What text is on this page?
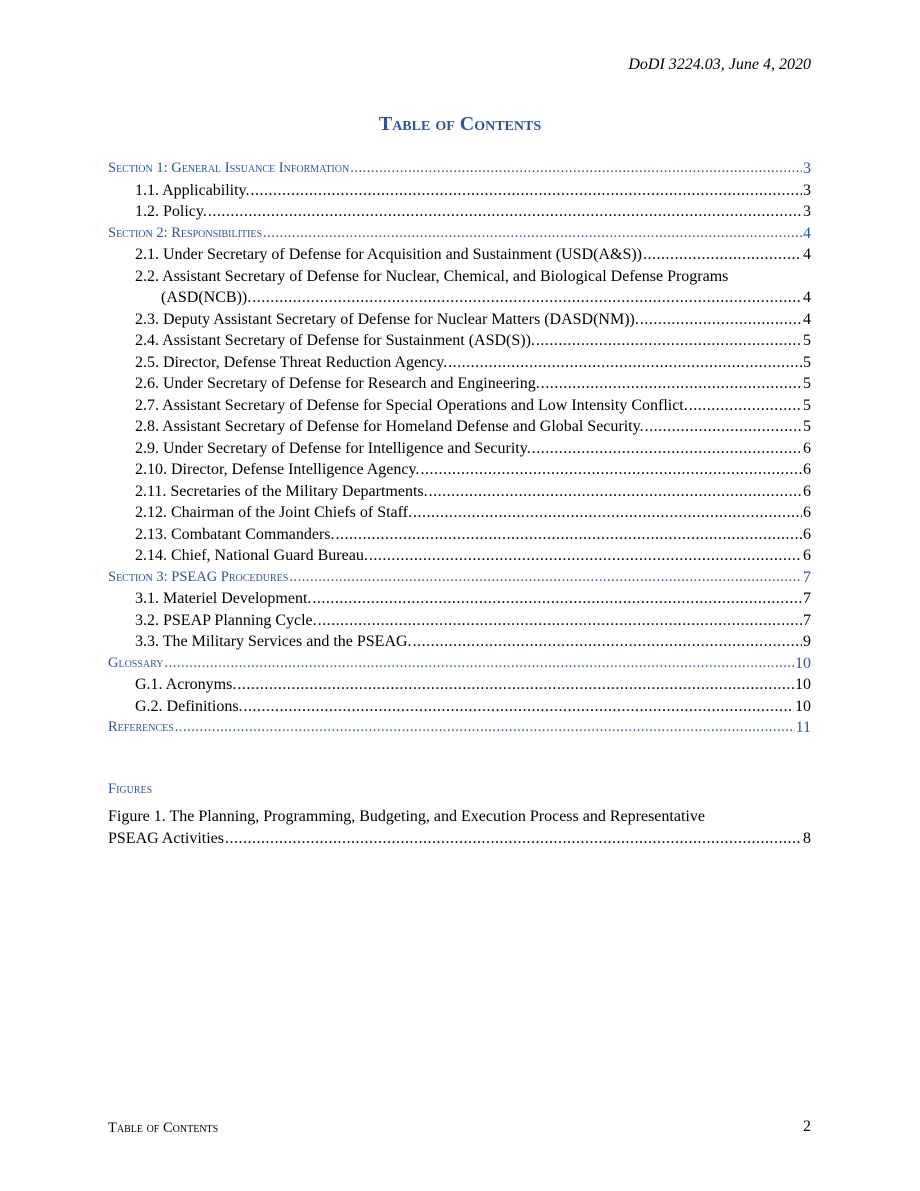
DoDI 3224.03, June 4, 2020
Table of Contents
Section 1: General Issuance Information .....	3
1.1. Applicability. .....	3
1.2. Policy. .....	3
Section 2: Responsibilities .....	4
2.1. Under Secretary of Defense for Acquisition and Sustainment (USD(A&S)) .....	4
2.2. Assistant Secretary of Defense for Nuclear, Chemical, and Biological Defense Programs
(ASD(NCB)). .....	4
2.3. Deputy Assistant Secretary of Defense for Nuclear Matters (DASD(NM)). .....	4
2.4. Assistant Secretary of Defense for Sustainment (ASD(S)). .....	5
2.5. Director, Defense Threat Reduction Agency. .....	5
2.6. Under Secretary of Defense for Research and Engineering. .....	5
2.7. Assistant Secretary of Defense for Special Operations and Low Intensity Conflict. .....	5
2.8. Assistant Secretary of Defense for Homeland Defense and Global Security. .....	5
2.9. Under Secretary of Defense for Intelligence and Security. .....	6
2.10. Director, Defense Intelligence Agency. .....	6
2.11. Secretaries of the Military Departments. .....	6
2.12. Chairman of the Joint Chiefs of Staff. .....	6
2.13. Combatant Commanders. .....	6
2.14. Chief, National Guard Bureau. .....	6
Section 3: PSEAG Procedures .....	7
3.1. Materiel Development. .....	7
3.2. PSEAP Planning Cycle. .....	7
3.3. The Military Services and the PSEAG. .....	9
Glossary .....	10
G.1. Acronyms. .....	10
G.2. Definitions. .....	10
References .....	11
Figures
Figure 1. The Planning, Programming, Budgeting, and Execution Process and Representative
PSEAG Activities .....	8
Table of Contents	2
